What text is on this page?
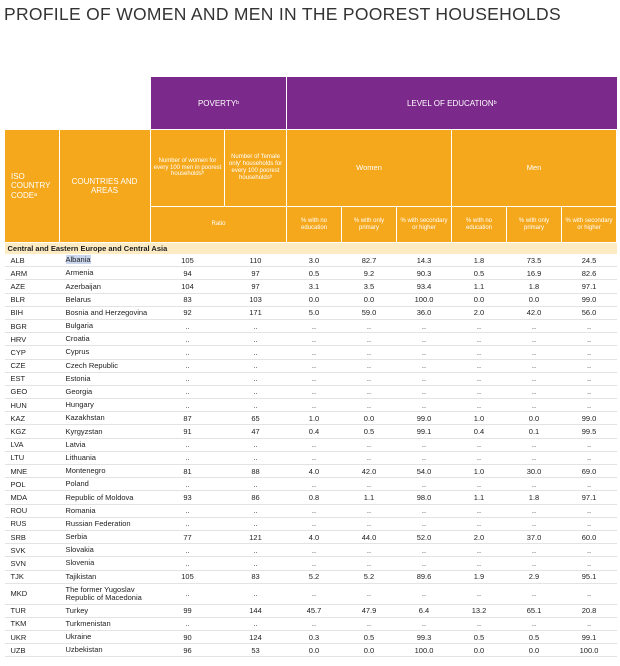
PROFILE OF WOMEN AND MEN IN THE POOREST HOUSEHOLDS
		POVERTYᵇ		LEVEL OF EDUCATIONᵇ					
ISO COUNTRY CODEᵃ	COUNTRIES AND AREAS	Number of women for every 100 men in poorest householdsᵇ	Number of 'female only' households for every 100 poorest householdsᵇ	Women			Men		
		Ratio		% with no education	% with only primary	% with secondary or higher	% with no education	% with only primary	% with secondary or higher

Central and Eastern Europe and Central Asia									
ALB	Albania	105	110	3.0	82.7	14.3	1.8	73.5	24.5
ARM	Armenia	94	97	0.5	9.2	90.3	0.5	16.9	82.6
AZE	Azerbaijan	104	97	3.1	3.5	93.4	1.1	1.8	97.1
BLR	Belarus	83	103	0.0	0.0	100.0	0.0	0.0	99.0
BIH	Bosnia and Herzegovina	92	171	5.0	59.0	36.0	2.0	42.0	56.0
BGR	Bulgaria	..	..	..	..	..	..	..	..
HRV	Croatia	..	..	..	..	..	..	..	..
CYP	Cyprus	..	..	..	..	..	..	..	..
CZE	Czech Republic	..	..	..	..	..	..	..	..
EST	Estonia	..	..	..	..	..	..	..	..
GEO	Georgia	..	..	..	..	..	..	..	..
HUN	Hungary	..	..	..	..	..	..	..	..
KAZ	Kazakhstan	87	65	1.0	0.0	99.0	1.0	0.0	99.0
KGZ	Kyrgyzstan	91	47	0.4	0.5	99.1	0.4	0.1	99.5
LVA	Latvia	..	..	..	..	..	..	..	..
LTU	Lithuania	..	..	..	..	..	..	..	..
MNE	Montenegro	81	88	4.0	42.0	54.0	1.0	30.0	69.0
POL	Poland	..	..	..	..	..	..	..	..
MDA	Republic of Moldova	93	86	0.8	1.1	98.0	1.1	1.8	97.1
ROU	Romania	..	..	..	..	..	..	..	..
RUS	Russian Federation	..	..	..	..	..	..	..	..
SRB	Serbia	77	121	4.0	44.0	52.0	2.0	37.0	60.0
SVK	Slovakia	..	..	..	..	..	..	..	..
SVN	Slovenia	..	..	..	..	..	..	..	..
TJK	Tajikistan	105	83	5.2	5.2	89.6	1.9	2.9	95.1
MKD	The former Yugoslav Republic of Macedonia	..	..	..	..	..	..	..	..
TUR	Turkey	99	144	45.7	47.9	6.4	13.2	65.1	20.8
TKM	Turkmenistan	..	..	..	..	..	..	..	..
UKR	Ukraine	90	124	0.3	0.5	99.3	0.5	0.5	99.1
UZB	Uzbekistan	96	53	0.0	0.0	100.0	0.0	0.0	100.0
